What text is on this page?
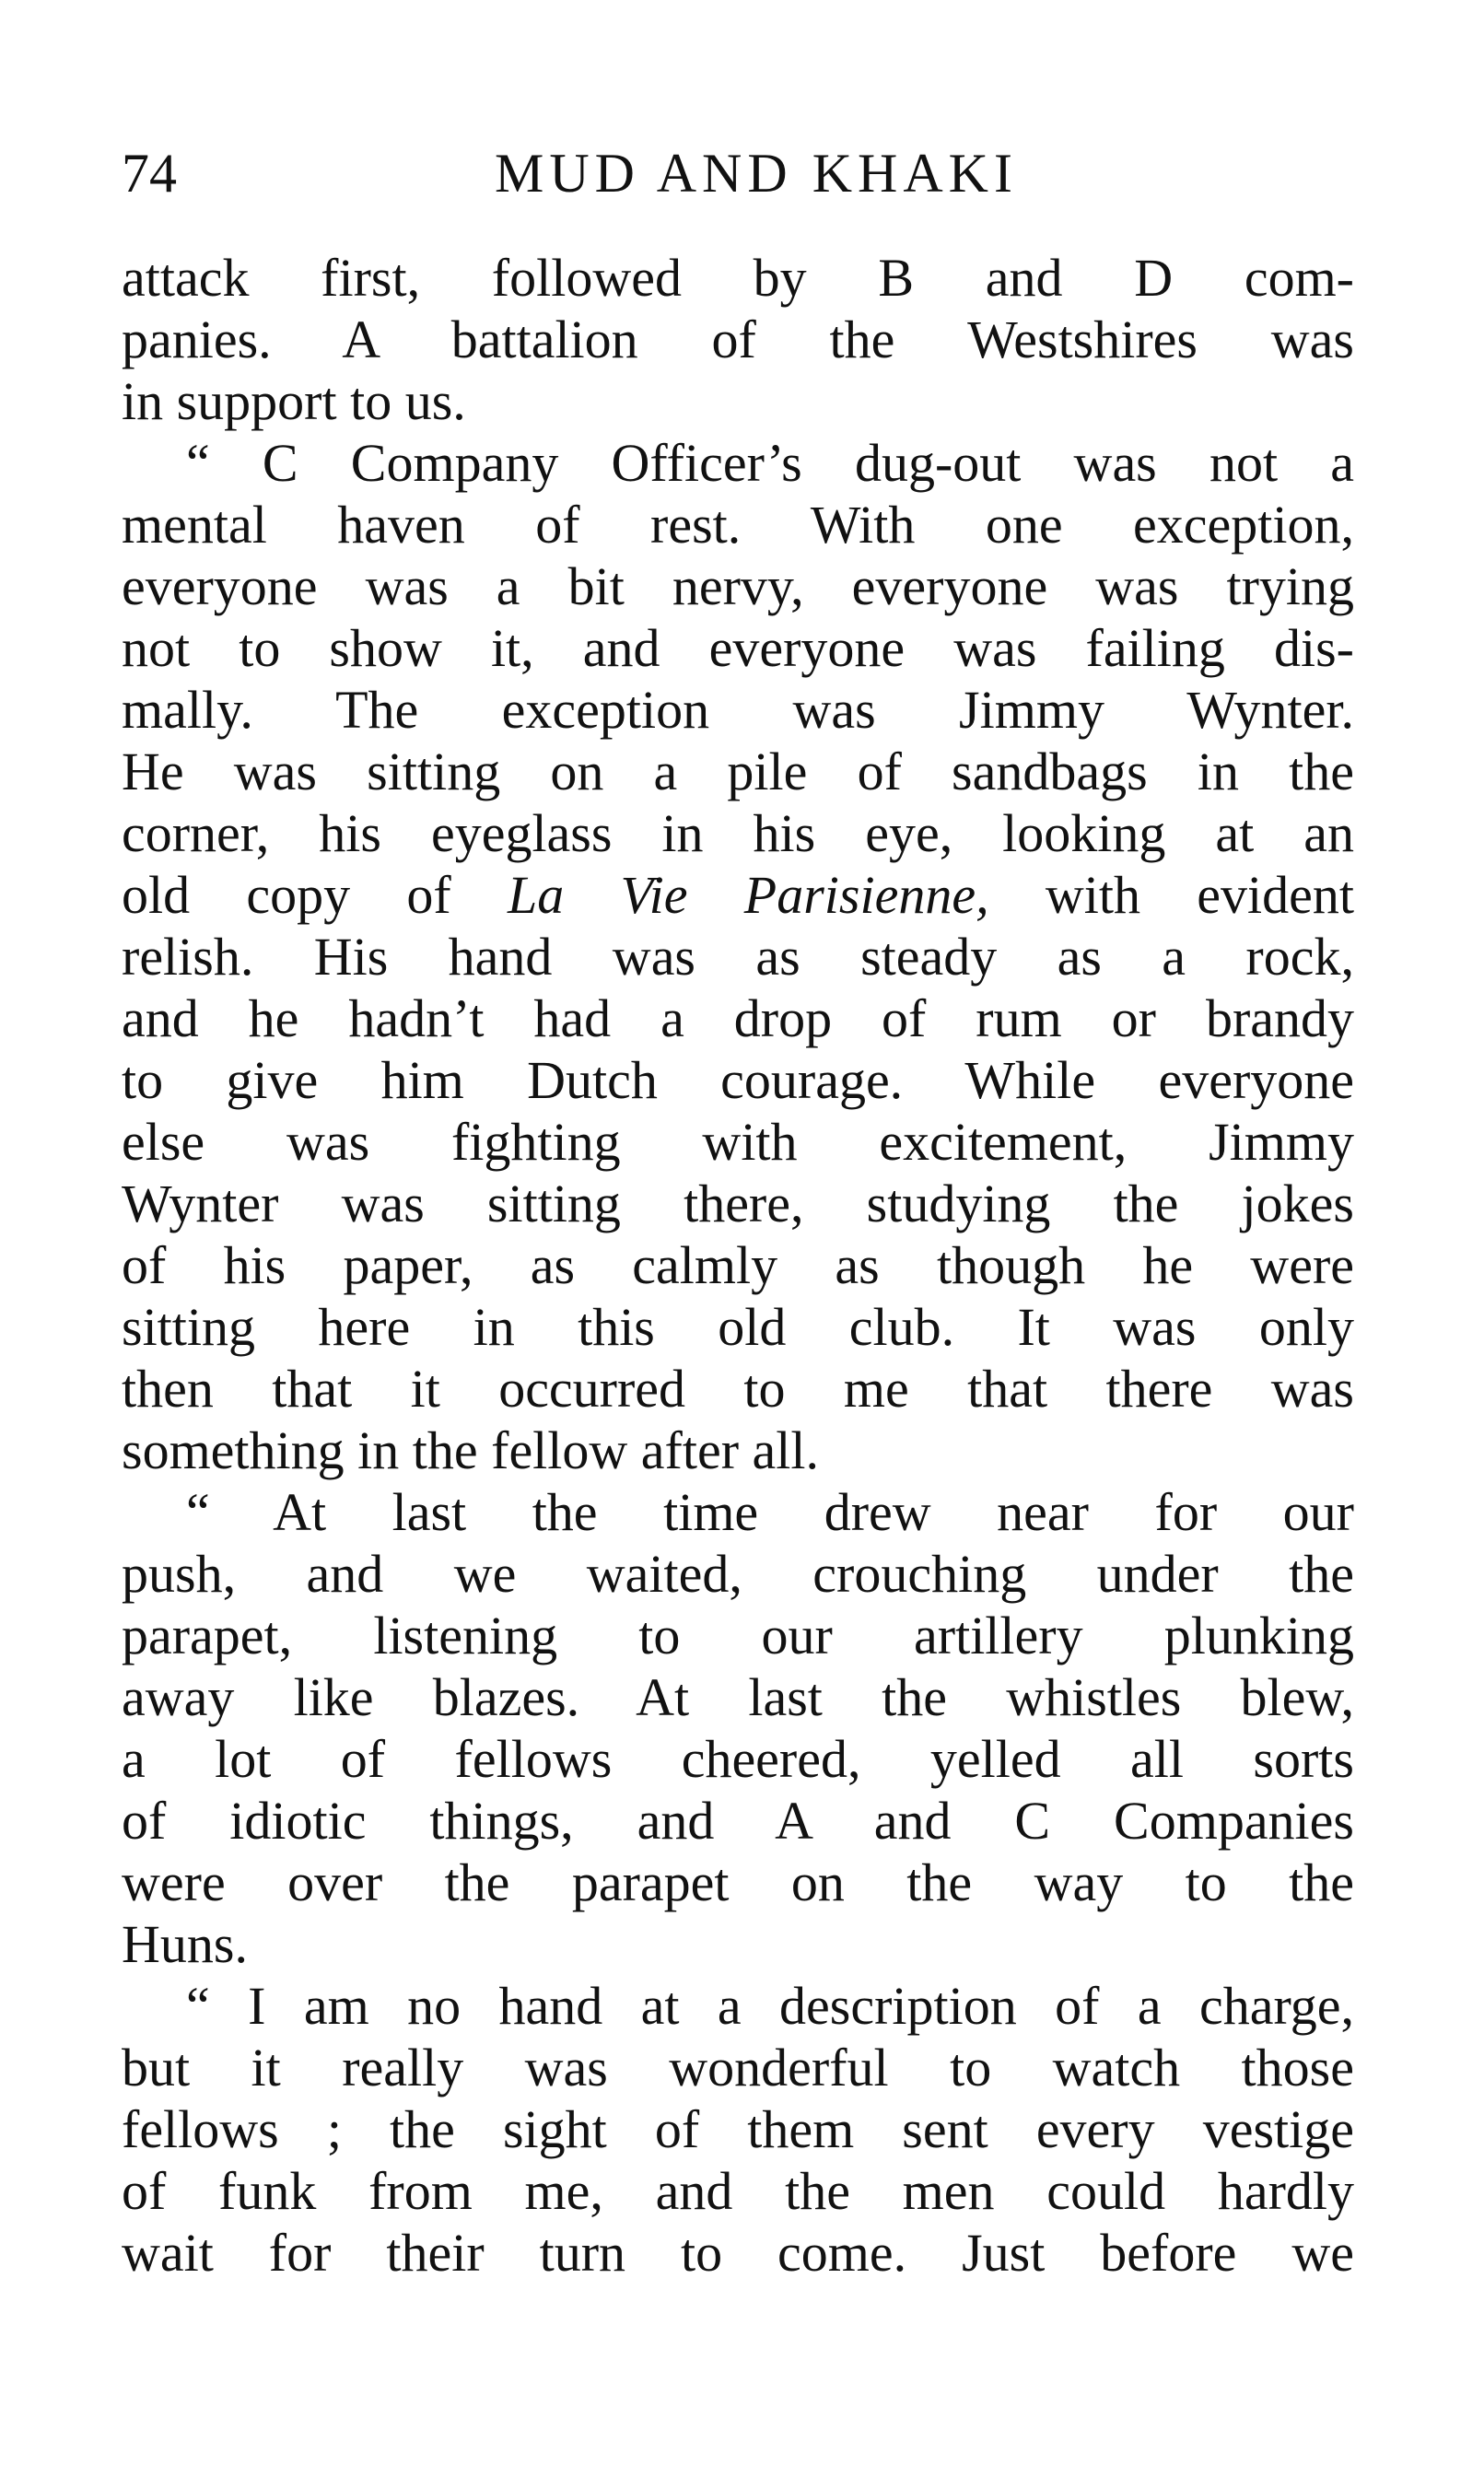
74	MUD AND KHAKI
attack first, followed by B and D com-
panies. A battalion of the Westshires was
in support to us.
“ C Company Officer’s dug-out was not a
mental haven of rest. With one exception,
everyone was a bit nervy, everyone was trying
not to show it, and everyone was failing dis-
mally. The exception was Jimmy Wynter.
He was sitting on a pile of sandbags in the
corner, his eyeglass in his eye, looking at an
old copy of La Vie Parisienne, with evident
relish. His hand was as steady as a rock,
and he hadn’t had a drop of rum or brandy
to give him Dutch courage. While everyone
else was fighting with excitement, Jimmy
Wynter was sitting there, studying the jokes
of his paper, as calmly as though he were
sitting here in this old club. It was only
then that it occurred to me that there was
something in the fellow after all.
“ At last the time drew near for our
push, and we waited, crouching under the
parapet, listening to our artillery plunking
away like blazes. At last the whistles blew,
a lot of fellows cheered, yelled all sorts
of idiotic things, and A and C Companies
were over the parapet on the way to the
Huns.
“ I am no hand at a description of a charge,
but it really was wonderful to watch those
fellows ; the sight of them sent every vestige
of funk from me, and the men could hardly
wait for their turn to come. Just before we
